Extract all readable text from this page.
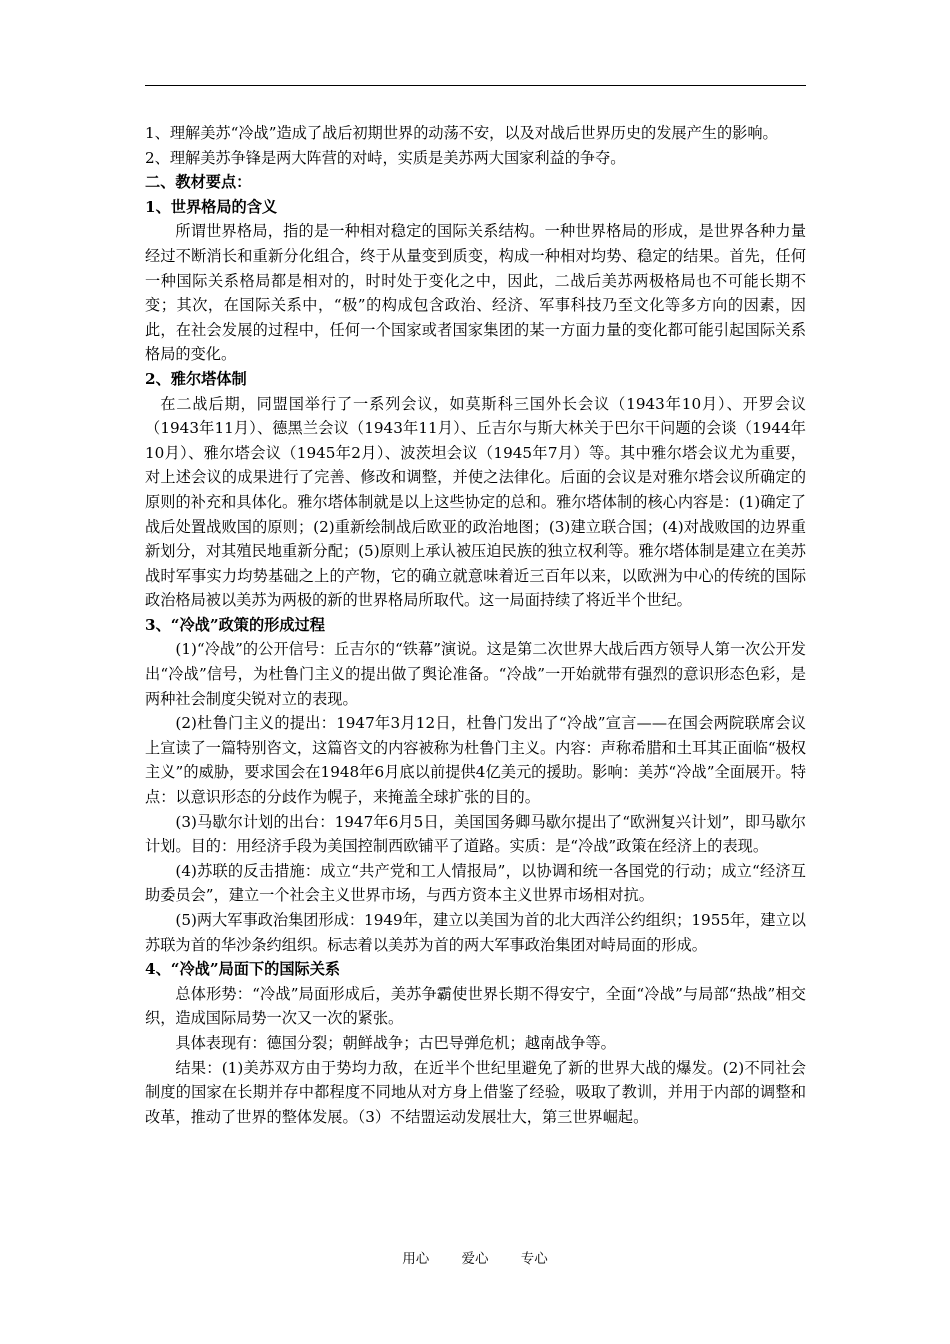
1、理解美苏“冷战”造成了战后初期世界的动荡不安，以及对战后世界历史的发展产生的影响。

2、理解美苏争锋是两大阵营的对峙，实质是美苏两大国家利益的争夺。

二、教材要点：

1、世界格局的含义

所谓世界格局，指的是一种相对稳定的国际关系结构。一种世界格局的形成，是世界各种力量经过不断消长和重新分化组合，终于从量变到质变，构成一种相对均势、稳定的结果。首先，任何一种国际关系格局都是相对的，时时处于变化之中，因此，二战后美苏两极格局也不可能长期不变；其次，在国际关系中，“极”的构成包含政治、经济、军事科技乃至文化等多方向的因素，因此，在社会发展的过程中，任何一个国家或者国家集团的某一方面力量的变化都可能引起国际关系格局的变化。

2、雅尔塔体制

在二战后期，同盟国举行了一系列会议，如莫斯科三国外长会议（1943年10月）、开罗会议（1943年11月）、德黑兰会议（1943年11月）、丘吉尔与斯大林关于巴尔干问题的会谈（1944年10月）、雅尔塔会议（1945年2月）、波茨坦会议（1945年7月）等。其中雅尔塔会议尤为重要，对上述会议的成果进行了完善、修改和调整，并使之法律化。后面的会议是对雅尔塔会议所确定的原则的补充和具体化。雅尔塔体制就是以上这些协定的总和。雅尔塔体制的核心内容是：(1)确定了战后处置战败国的原则；(2)重新绘制战后欧亚的政治地图；(3)建立联合国；(4)对战败国的边界重新划分，对其殖民地重新分配；(5)原则上承认被压迫民族的独立权利等。雅尔塔体制是建立在美苏战时军事实力均势基础之上的产物，它的确立就意味着近三百年以来，以欧洲为中心的传统的国际政治格局被以美苏为两极的新的世界格局所取代。这一局面持续了将近半个世纪。

3、“冷战”政策的形成过程

(1)“冷战”的公开信号：丘吉尔的“铁幕”演说。这是第二次世界大战后西方领导人第一次公开发出“冷战”信号，为杜鲁门主义的提出做了舆论准备。“冷战”一开始就带有强烈的意识形态色彩，是两种社会制度尖锐对立的表现。

(2)杜鲁门主义的提出：1947年3月12日，杜鲁门发出了“冷战”宣言——在国会两院联席会议上宣读了一篇特别咨文，这篇咨文的内容被称为杜鲁门主义。内容：声称希腊和土耳其正面临“极权主义”的威胁，要求国会在1948年6月底以前提供4亿美元的援助。影响：美苏“冷战”全面展开。特点：以意识形态的分歧作为幌子，来掩盖全球扩张的目的。

(3)马歇尔计划的出台：1947年6月5日，美国国务卿马歇尔提出了“欧洲复兴计划”，即马歇尔计划。目的：用经济手段为美国控制西欧铺平了道路。实质：是“冷战”政策在经济上的表现。

(4)苏联的反击措施：成立“共产党和工人情报局”，以协调和统一各国党的行动；成立“经济互助委员会”，建立一个社会主义世界市场，与西方资本主义世界市场相对抗。

(5)两大军事政治集团形成：1949年，建立以美国为首的北大西洋公约组织；1955年，建立以苏联为首的华沙条约组织。标志着以美苏为首的两大军事政治集团对峙局面的形成。

4、“冷战”局面下的国际关系

总体形势：“冷战”局面形成后，美苏争霸使世界长期不得安宁，全面“冷战”与局部“热战”相交织，造成国际局势一次又一次的紧张。

具体表现有：德国分裂；朝鲜战争；古巴导弹危机；越南战争等。

结果：(1)美苏双方由于势均力敌，在近半个世纪里避免了新的世界大战的爆发。(2)不同社会制度的国家在长期并存中都程度不同地从对方身上借鉴了经验，吸取了教训，并用于内部的调整和改革，推动了世界的整体发展。（3）不结盟运动发展壮大，第三世界崛起。

用心 爱心 专心
